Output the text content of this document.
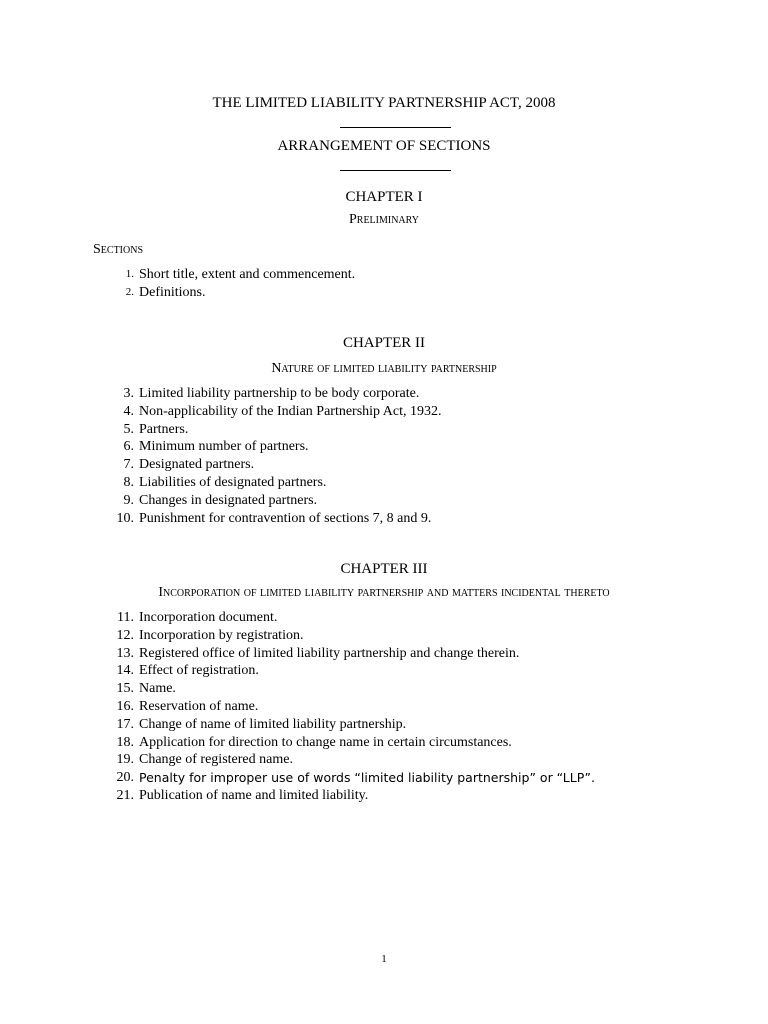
THE LIMITED LIABILITY PARTNERSHIP ACT, 2008
ARRANGEMENT OF SECTIONS
CHAPTER I
Preliminary
Sections
1. Short title, extent and commencement.
2. Definitions.
CHAPTER II
Nature of limited liability partnership
3. Limited liability partnership to be body corporate.
4. Non-applicability of the Indian Partnership Act, 1932.
5. Partners.
6. Minimum number of partners.
7. Designated partners.
8. Liabilities of designated partners.
9. Changes in designated partners.
10. Punishment for contravention of sections 7, 8 and 9.
CHAPTER III
Incorporation of limited liability partnership and matters incidental thereto
11. Incorporation document.
12. Incorporation by registration.
13. Registered office of limited liability partnership and change therein.
14. Effect of registration.
15. Name.
16. Reservation of name.
17. Change of name of limited liability partnership.
18. Application for direction to change name in certain circumstances.
19. Change of registered name.
20. Penalty for improper use of words “limited liability partnership” or “LLP”.
21. Publication of name and limited liability.
1
